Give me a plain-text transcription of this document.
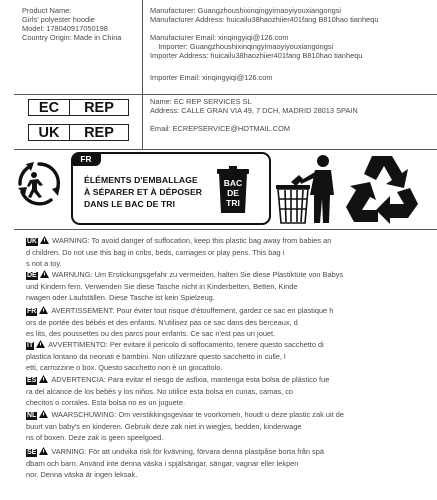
Product Name:
Girls' polyester hoodie
Model: 178040917050198
Country Origin: Made in China
Manufacturer: Guangzhoushixinqingyimaoyiyouxiangongsi
Manufacturer Address: huicailu38haozhiier401fang B810hao tianhequ
Manufacturer Email: xinqingyiqi@126.com
Importer: Guangzhoushixinqingyimaoyiyouxiangongsi
Importer Address: huicailu38haozhiier401fang B810hao tianhequ
Importer Email: xinqingyiqi@126.com
EC	REP
UK	REP
Name: EC REP SERVICES SL
Address: CALLE GRAN VIA 49, 7 DCH, MADRID 28013 SPAIN
Email: ECREPSERVICE@HOTMAIL.COM
FR
ÉLÉMENTS D'EMBALLAGE
À SÉPARER ET À DÉPOSER
DANS LE BAC DE TRI
BAC
DE
TRI
UK WARNING: To avoid danger of suffocation, keep this plastic bag away from babies an
d children. Do not use this bag in cribs, beds, carriages or play pens. This bag i
s not a toy.
DE WARNUNG: Um Erstickungsgefahr zu vermeiden, halten Sie diese Plastiktüte von Babys
und Kindern fern. Verwenden Sie diese Tasche nicht in Kinderbetten, Betten, Kinde
rwagen oder Laufställen. Diese Tasche ist kein Spielzeug.
FR AVERTISSEMENT: Pour éviter tout risque d'étouffement, gardez ce sac en plastique h
ors de portée des bébés et des enfants. N'utilisez pas ce sac dans des berceaux, d
es lits, des poussettes ou des parcs pour enfants. Ce sac n'est pas un jouet.
IT AVVERTIMENTO: Per evitare il pericolo di soffocamento, tenere questo sacchetto di
plastica lontano da neonati e bambini. Non utilizzare questo sacchetto in culle, l
etti, carrozzine o box. Questo sacchetto non è un giocattolo.
ES ADVERTENCIA: Para evitar el riesgo de asfixia, mantenga esta bolsa de plástico fue
ra del alcance de los bebés y los niños. No utilice esta bolsa en cunas, camas, co
checitos o corrales. Esta bolsa no es un juguete.
NL WAARSCHUWING: Om verstikkingsgevaar te voorkomen, houdt u deze plastic zak uit de
buurt van baby's en kinderen. Gebruik deze zak niet in wiegjes, bedden, kinderwage
ns of boxen. Deze zak is geen speelgoed.
SE VARNING: För att undvika risk för kvävning, förvara denna plastpåse borta från spä
dbarn och barn. Använd inte denna väska i spjälsängar, sängar, vagnar eller lekpen
nor. Denna väska är ingen leksak.
